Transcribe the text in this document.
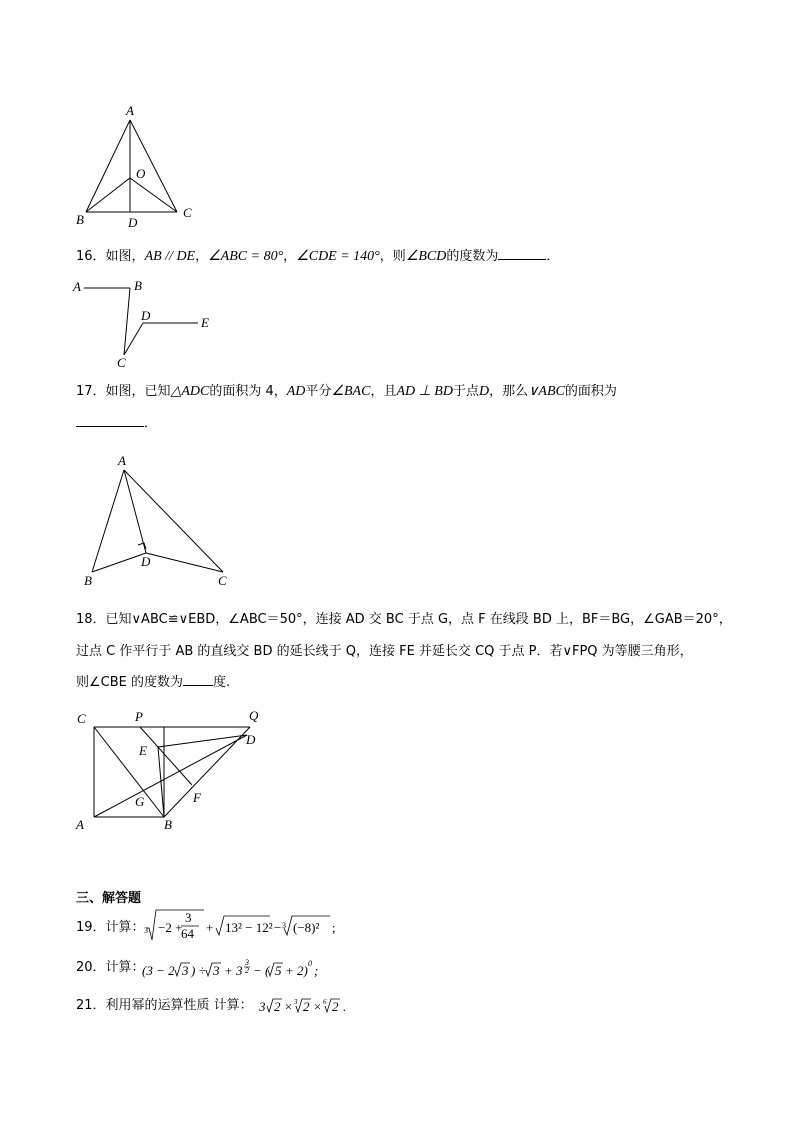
A
O
B	D
C
16．如图，AB // DE，∠ABC = 80°，∠CDE = 140°，则∠BCD的度数为	．
A	B
D	E
C
17．如图，已知△ADC的面积为 4，AD平分∠BAC，且AD ⊥ BD于点D，那么∨ABC的面积为
．
A
D
B	C
18．已知∨ABC≌∨EBD，∠ABC＝50°，连接 AD 交 BC 于点 G，点 F 在线段 BD 上，BF＝BG，∠GAB＝20°，
过点 C 作平行于 AB 的直线交 BD 的延长线于 Q，连接 FE 并延长交 CQ 于点 P．若∨FPQ 为等腰三角形，
则∠CBE 的度数为 度.
C	P	Q
D
E
G	F
A	B
三、解答题
19．计算： 3 −2 +
3
64 + 13² − 12² − 3 (−8)² ;
20．计算：
(3 − 2 3 ) ÷ 3 + 3
3
2 − ( 5 + 2) 0 ;
21．利用幂的运算性质 计算： 3 2 × 3 2 × 6 2 .
